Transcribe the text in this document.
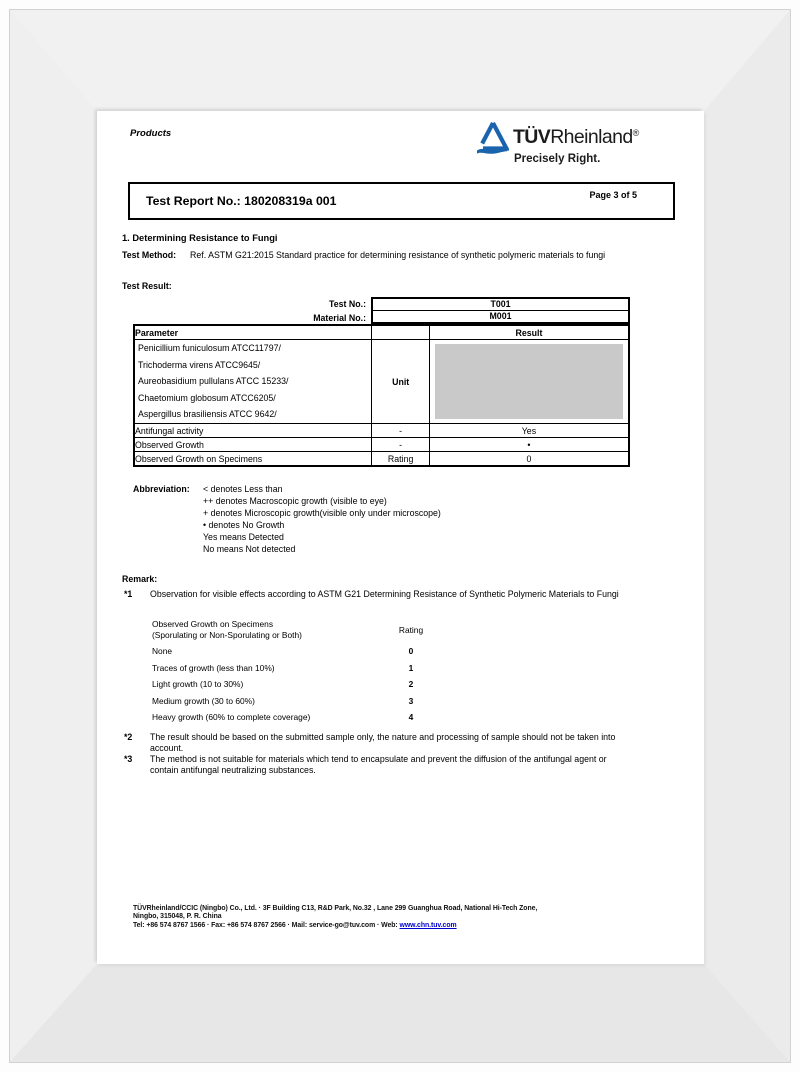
Products	TÜVRheinland®
Precisely Right.
Test Report No.: 180208319a 001	Page 3 of 5
1. Determining Resistance to Fungi
Test Method: Ref. ASTM G21:2015 Standard practice for determining resistance of synthetic polymeric materials to fungi
Test Result:
Test No.:	T001
Material No.:	M001
Parameter		Result

Penicillium funiculosum ATCC11797/
Trichoderma virens ATCC9645/
Aureobasidium pullulans ATCC 15233/
Chaetomium globosum ATCC6205/
Aspergillus brasiliensis ATCC 9642/	Unit	

Antifungal activity	-	Yes
Observed Growth	-	•
Observed Growth on Specimens	Rating	0
Abbreviation: < denotes Less than
++ denotes Macroscopic growth (visible to eye)
+ denotes Microscopic growth(visible only under microscope)
• denotes No Growth
Yes means Detected
No means Not detected
Remark:
*1 Observation for visible effects according to ASTM G21 Determining Resistance of Synthetic Polymeric Materials to Fungi
Observed Growth on Specimens
(Sporulating or Non-Sporulating or Both)	Rating
None	0
Traces of growth (less than 10%)	1
Light growth (10 to 30%)	2
Medium growth (30 to 60%)	3
Heavy growth (60% to complete coverage)	4
*2 The result should be based on the submitted sample only, the nature and processing of sample should not be taken into account.
*3 The method is not suitable for materials which tend to encapsulate and prevent the diffusion of the antifungal agent or contain antifungal neutralizing substances.
TÜVRheinland/CCIC (Ningbo) Co., Ltd. · 3F Building C13, R&D Park, No.32 , Lane 299 Guanghua Road, National Hi-Tech Zone,
Ningbo, 315048, P. R. China
Tel: +86 574 8767 1566 · Fax: +86 574 8767 2566 · Mail: service-go@tuv.com · Web: www.chn.tuv.com
